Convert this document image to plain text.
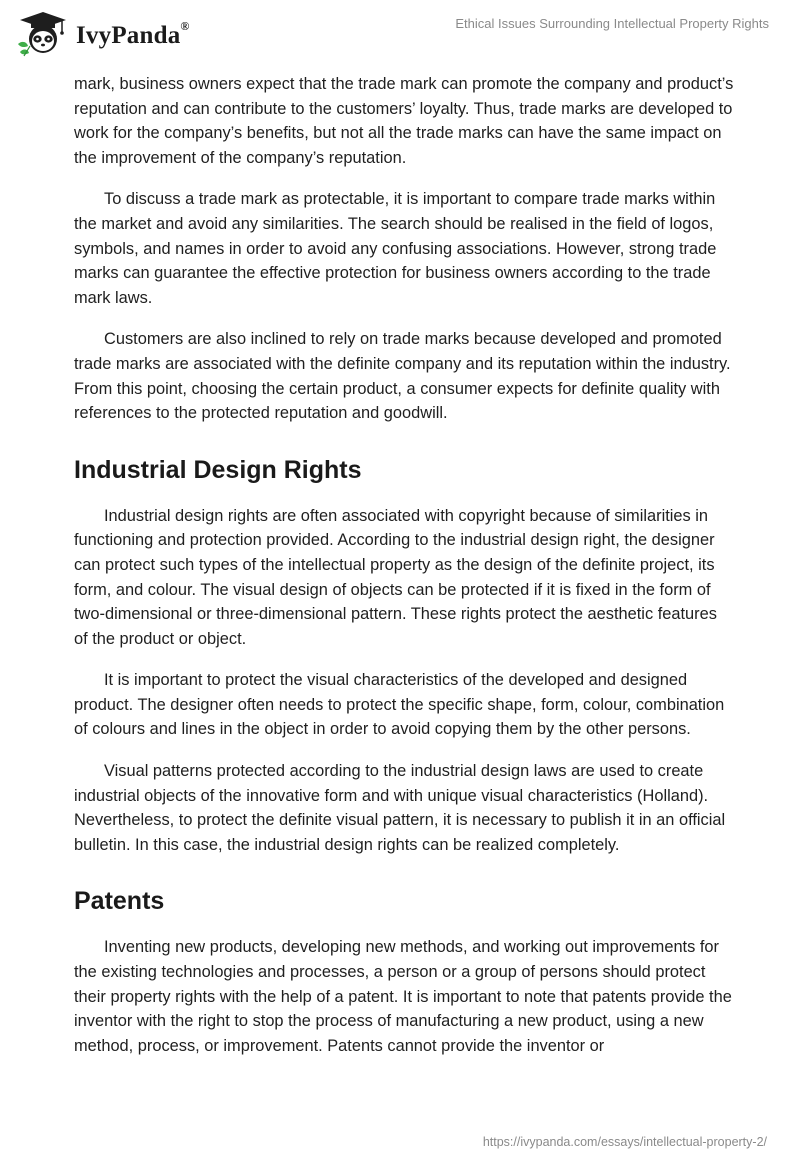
IvyPanda®	Ethical Issues Surrounding Intellectual Property Rights

mark, business owners expect that the trade mark can promote the company and product’s reputation and can contribute to the customers’ loyalty. Thus, trade marks are developed to work for the company’s benefits, but not all the trade marks can have the same impact on the improvement of the company’s reputation.

To discuss a trade mark as protectable, it is important to compare trade marks within the market and avoid any similarities. The search should be realised in the field of logos, symbols, and names in order to avoid any confusing associations. However, strong trade marks can guarantee the effective protection for business owners according to the trade mark laws.

Customers are also inclined to rely on trade marks because developed and promoted trade marks are associated with the definite company and its reputation within the industry. From this point, choosing the certain product, a consumer expects for definite quality with references to the protected reputation and goodwill.

Industrial Design Rights

Industrial design rights are often associated with copyright because of similarities in functioning and protection provided. According to the industrial design right, the designer can protect such types of the intellectual property as the design of the definite project, its form, and colour. The visual design of objects can be protected if it is fixed in the form of two-dimensional or three-dimensional pattern. These rights protect the aesthetic features of the product or object.

It is important to protect the visual characteristics of the developed and designed product. The designer often needs to protect the specific shape, form, colour, combination of colours and lines in the object in order to avoid copying them by the other persons.

Visual patterns protected according to the industrial design laws are used to create industrial objects of the innovative form and with unique visual characteristics (Holland). Nevertheless, to protect the definite visual pattern, it is necessary to publish it in an official bulletin. In this case, the industrial design rights can be realized completely.

Patents

Inventing new products, developing new methods, and working out improvements for the existing technologies and processes, a person or a group of persons should protect their property rights with the help of a patent. It is important to note that patents provide the inventor with the right to stop the process of manufacturing a new product, using a new method, process, or improvement. Patents cannot provide the inventor or

https://ivypanda.com/essays/intellectual-property-2/
